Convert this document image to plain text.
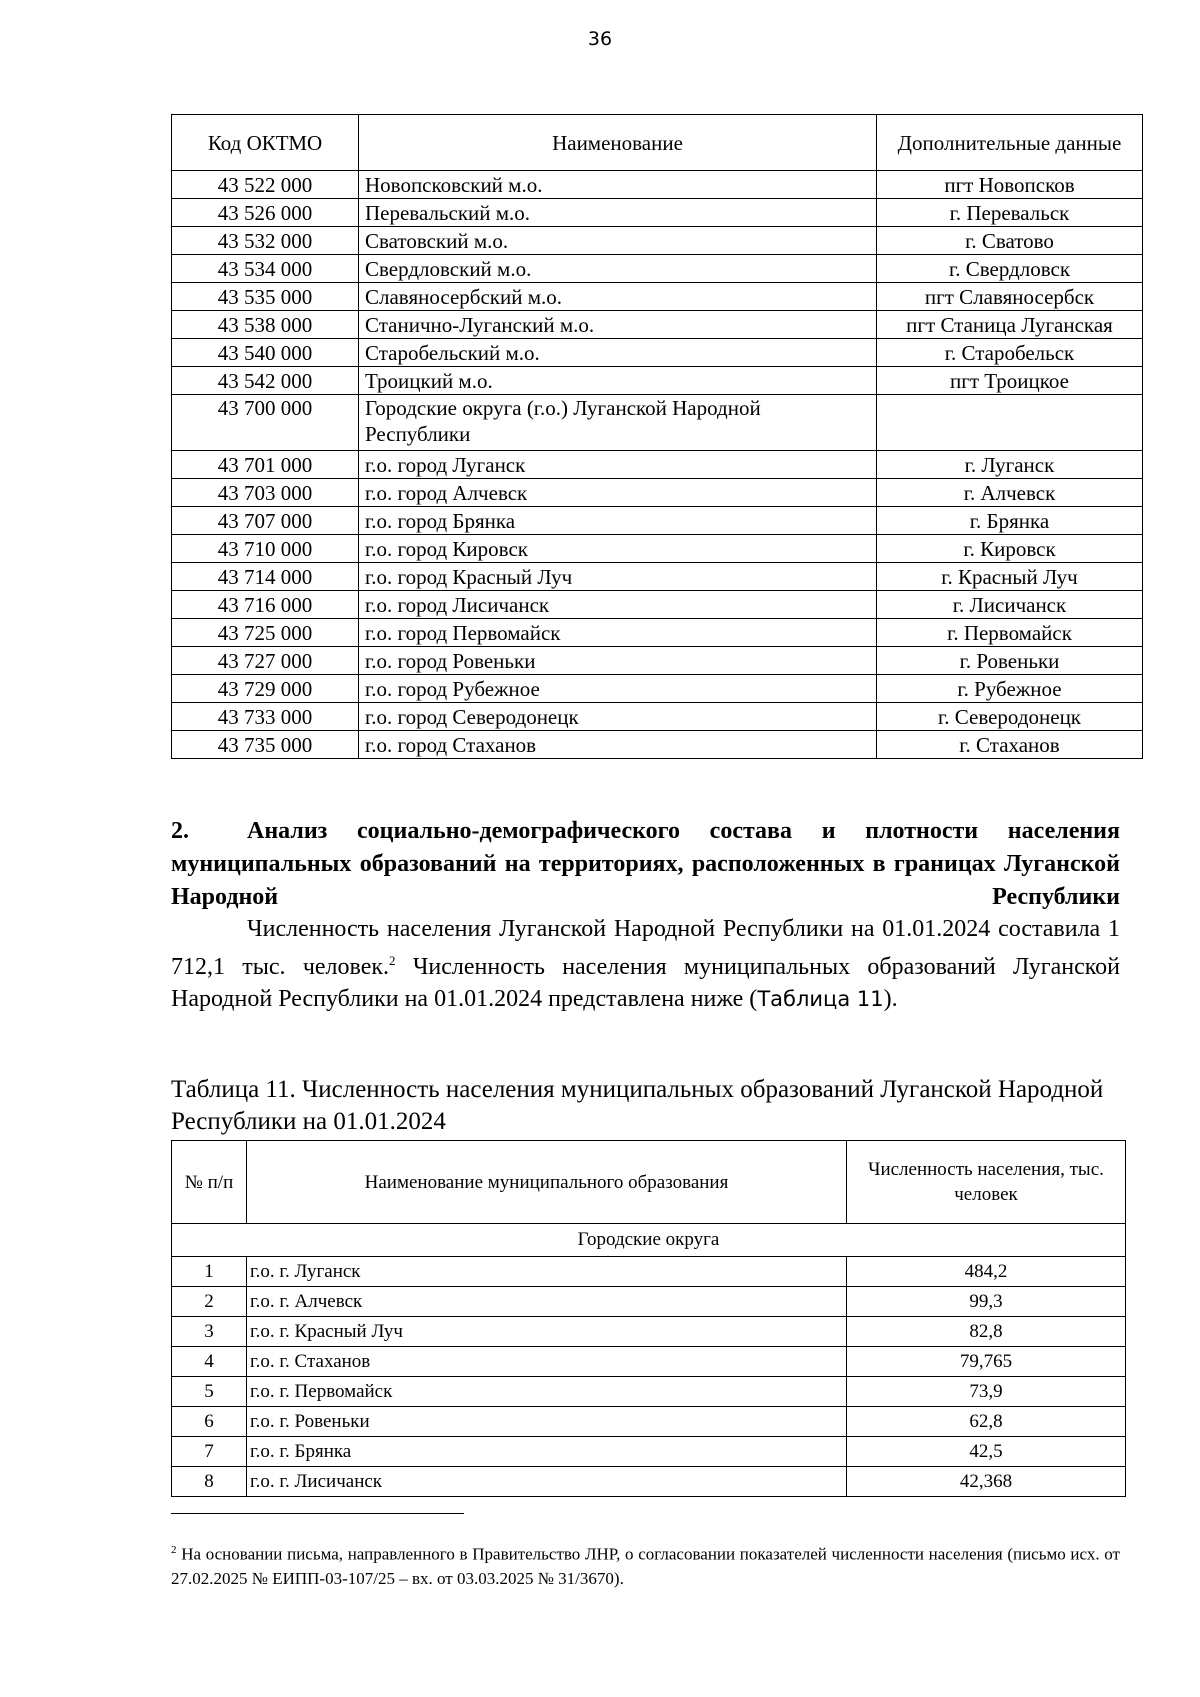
36
Код ОКТМО	Наименование	Дополнительные данные
43 522 000	Новопсковский м.о.	пгт Новопсков
43 526 000	Перевальский м.о.	г. Перевальск
43 532 000	Сватовский м.о.	г. Сватово
43 534 000	Свердловский м.о.	г. Свердловск
43 535 000	Славяносербский м.о.	пгт Славяносербск
43 538 000	Станично-Луганский м.о.	пгт Станица Луганская
43 540 000	Старобельский м.о.	г. Старобельск
43 542 000	Троицкий м.о.	пгт Троицкое
43 700 000	Городские округа (г.о.) Луганской Народной Республики	
43 701 000	г.о. город Луганск	г. Луганск
43 703 000	г.о. город Алчевск	г. Алчевск
43 707 000	г.о. город Брянка	г. Брянка
43 710 000	г.о. город Кировск	г. Кировск
43 714 000	г.о. город Красный Луч	г. Красный Луч
43 716 000	г.о. город Лисичанск	г. Лисичанск
43 725 000	г.о. город Первомайск	г. Первомайск
43 727 000	г.о. город Ровеньки	г. Ровеньки
43 729 000	г.о. город Рубежное	г. Рубежное
43 733 000	г.о. город Северодонецк	г. Северодонецк
43 735 000	г.о. город Стаханов	г. Стаханов
2. Анализ социально-демографического состава и плотности населения муниципальных образований на территориях, расположенных в границах Луганской Народной Республики

Численность населения Луганской Народной Республики на 01.01.2024 составила 1 712,1 тыс. человек.$^2$ Численность населения муниципальных образований Луганской Народной Республики на 01.01.2024 представлена ниже (Таблица 11).

Таблица 11. Численность населения муниципальных образований Луганской Народной Республики на 01.01.2024
№ п/п	Наименование муниципального образования	Численность населения, тыс. человек
Городские округа		
1	г.о. г. Луганск	484,2
2	г.о. г. Алчевск	99,3
3	г.о. г. Красный Луч	82,8
4	г.о. г. Стаханов	79,765
5	г.о. г. Первомайск	73,9
6	г.о. г. Ровеньки	62,8
7	г.о. г. Брянка	42,5
8	г.о. г. Лисичанск	42,368
$^2$ На основании письма, направленного в Правительство ЛНР, о согласовании показателей численности населения (письмо исх. от 27.02.2025 № ЕИПП-03-107/25 – вх. от 03.03.2025 № 31/3670).
